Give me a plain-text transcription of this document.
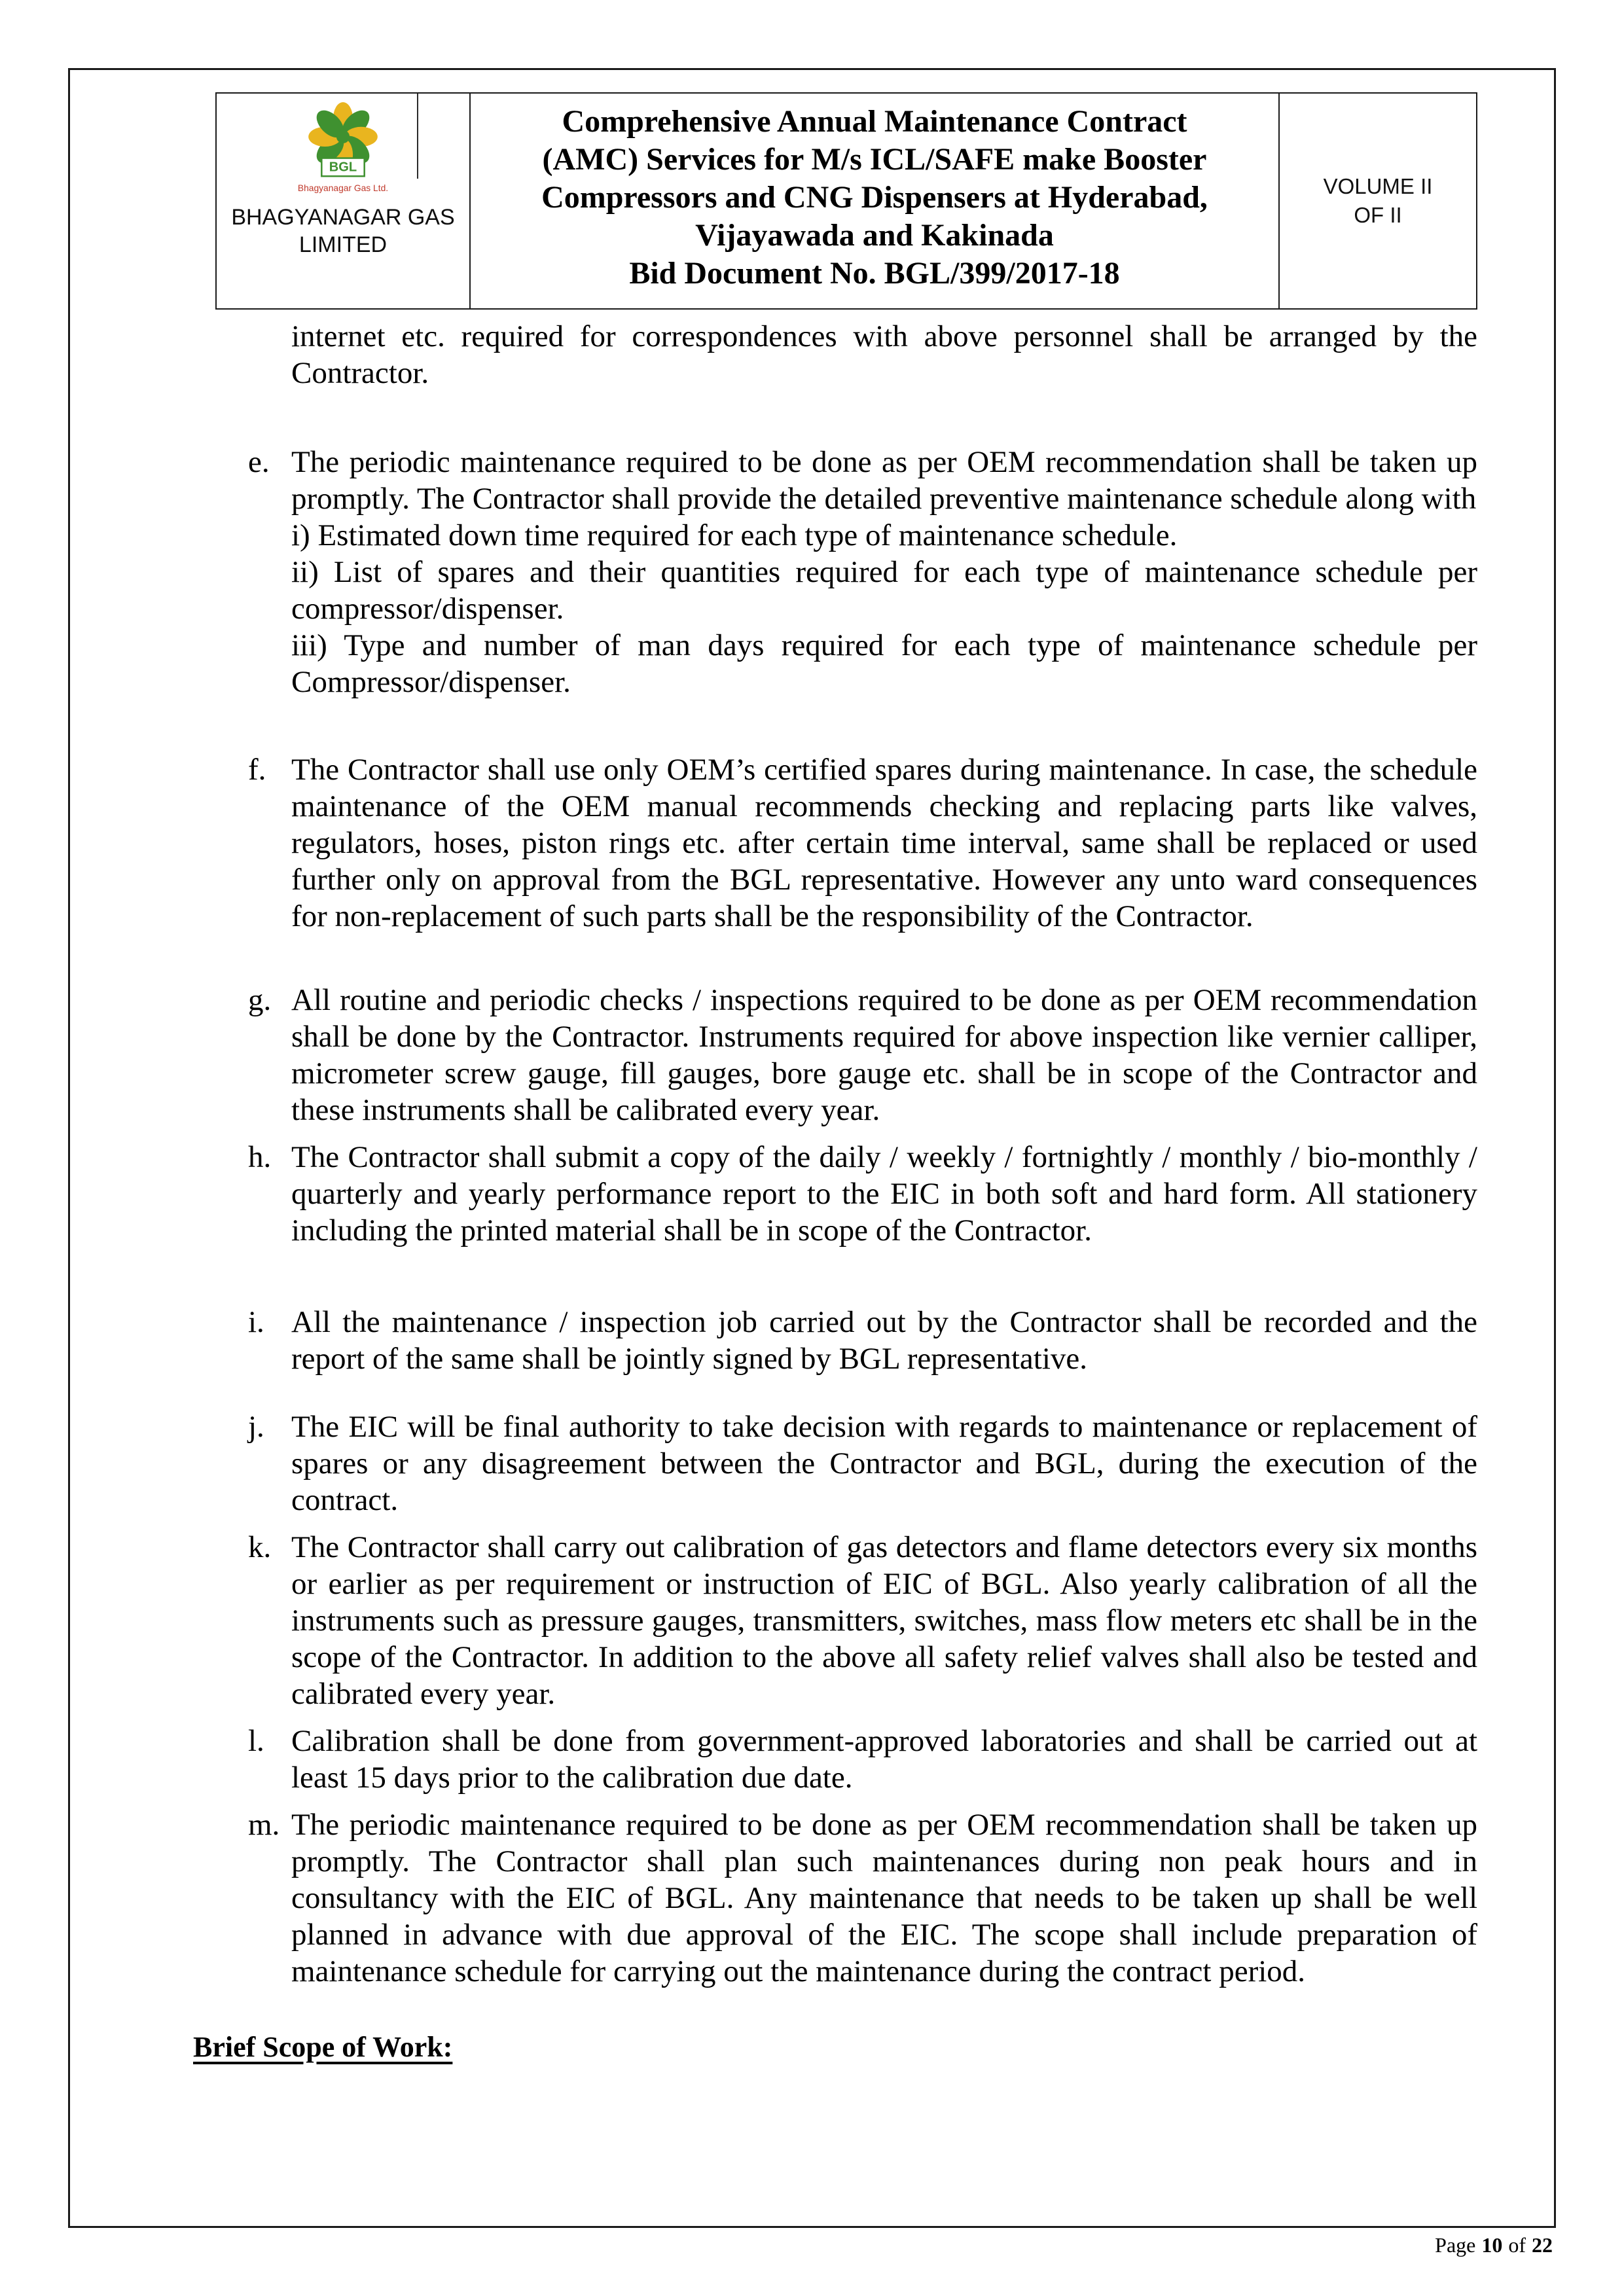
BGL
Bhagyanagar Gas Ltd.
BHAGYANAGAR GAS
LIMITED
Comprehensive Annual Maintenance Contract
(AMC) Services for M/s ICL/SAFE make Booster
Compressors and CNG Dispensers at Hyderabad,
Vijayawada and Kakinada
Bid Document No. BGL/399/2017-18
VOLUME II
OF II

internet etc. required for correspondences with above personnel shall be arranged by the Contractor.

e. The periodic maintenance required to be done as per OEM recommendation shall be taken up promptly. The Contractor shall provide the detailed preventive maintenance schedule along with
i) Estimated down time required for each type of maintenance schedule.
ii) List of spares and their quantities required for each type of maintenance schedule per compressor/dispenser.
iii) Type and number of man days required for each type of maintenance schedule per Compressor/dispenser.
f. The Contractor shall use only OEM’s certified spares during maintenance. In case, the schedule maintenance of the OEM manual recommends checking and replacing parts like valves, regulators, hoses, piston rings etc. after certain time interval, same shall be replaced or used further only on approval from the BGL representative. However any unto ward consequences for non-replacement of such parts shall be the responsibility of the Contractor.
g. All routine and periodic checks / inspections required to be done as per OEM recommendation shall be done by the Contractor. Instruments required for above inspection like vernier calliper, micrometer screw gauge, fill gauges, bore gauge etc. shall be in scope of the Contractor and these instruments shall be calibrated every year.
h. The Contractor shall submit a copy of the daily / weekly / fortnightly / monthly / bio-monthly / quarterly and yearly performance report to the EIC in both soft and hard form. All stationery including the printed material shall be in scope of the Contractor.
i. All the maintenance / inspection job carried out by the Contractor shall be recorded and the report of the same shall be jointly signed by BGL representative.
j. The EIC will be final authority to take decision with regards to maintenance or replacement of spares or any disagreement between the Contractor and BGL, during the execution of the contract.
k. The Contractor shall carry out calibration of gas detectors and flame detectors every six months or earlier as per requirement or instruction of EIC of BGL. Also yearly calibration of all the instruments such as pressure gauges, transmitters, switches, mass flow meters etc shall be in the scope of the Contractor. In addition to the above all safety relief valves shall also be tested and calibrated every year.
l. Calibration shall be done from government-approved laboratories and shall be carried out at least 15 days prior to the calibration due date.
m. The periodic maintenance required to be done as per OEM recommendation shall be taken up promptly. The Contractor shall plan such maintenances during non peak hours and in consultancy with the EIC of BGL. Any maintenance that needs to be taken up shall be well planned in advance with due approval of the EIC. The scope shall include preparation of maintenance schedule for carrying out the maintenance during the contract period.
Brief Scope of Work:
Page 10 of 22
